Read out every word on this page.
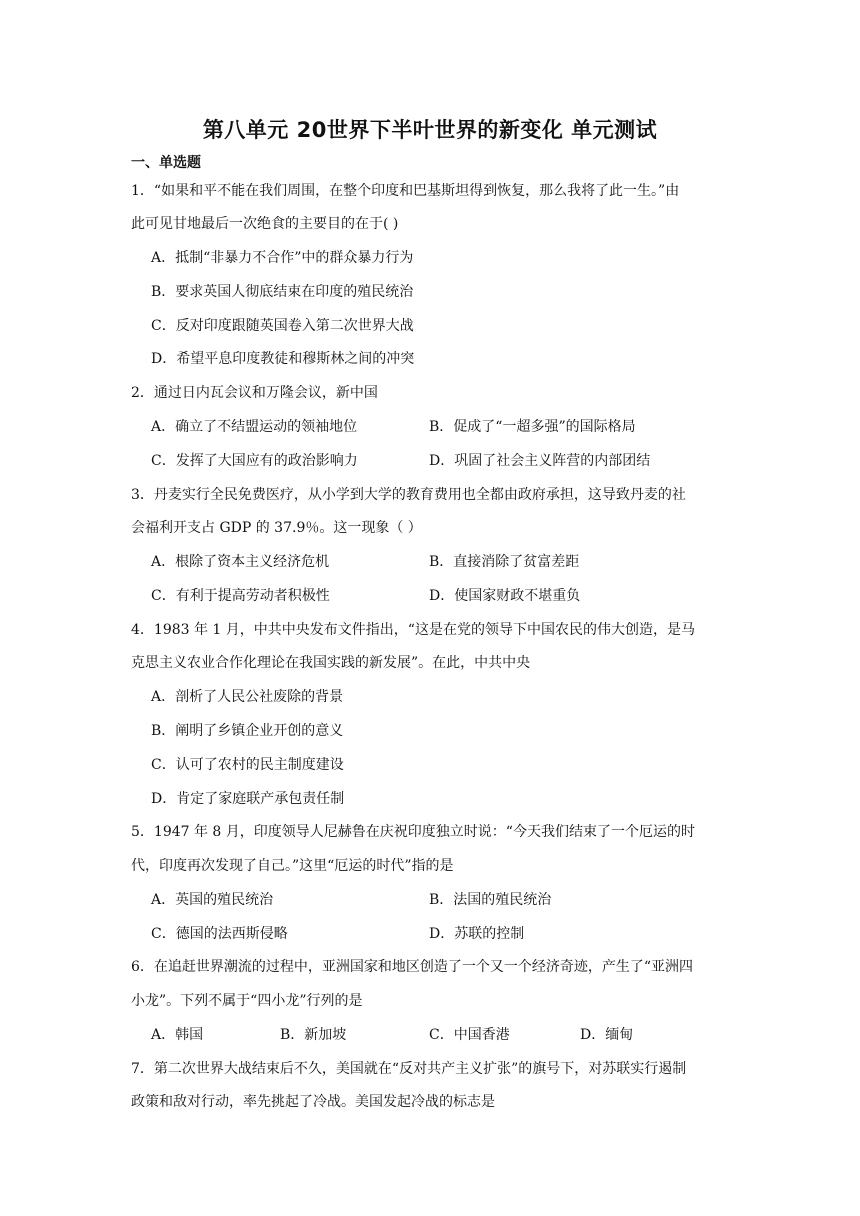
第八单元 20世界下半叶世界的新变化 单元测试
一、单选题
1．“如果和平不能在我们周围，在整个印度和巴基斯坦得到恢复，那么我将了此一生。”由
此可见甘地最后一次绝食的主要目的在于( )
A．抵制“非暴力不合作”中的群众暴力行为
B．要求英国人彻底结束在印度的殖民统治
C．反对印度跟随英国卷入第二次世界大战
D．希望平息印度教徒和穆斯林之间的冲突
2．通过日内瓦会议和万隆会议，新中国
A．确立了不结盟运动的领袖地位	B．促成了“一超多强”的国际格局
C．发挥了大国应有的政治影响力	D．巩固了社会主义阵营的内部团结
3．丹麦实行全民免费医疗，从小学到大学的教育费用也全都由政府承担，这导致丹麦的社
会福利开支占 GDP 的 37.9％。这一现象（ ）
A．根除了资本主义经济危机	B．直接消除了贫富差距
C．有利于提高劳动者积极性	D．使国家财政不堪重负
4．1983 年 1 月，中共中央发布文件指出，“这是在党的领导下中国农民的伟大创造，是马
克思主义农业合作化理论在我国实践的新发展”。在此，中共中央
A．剖析了人民公社废除的背景
B．阐明了乡镇企业开创的意义
C．认可了农村的民主制度建设
D．肯定了家庭联产承包责任制
5．1947 年 8 月，印度领导人尼赫鲁在庆祝印度独立时说：“今天我们结束了一个厄运的时
代，印度再次发现了自己。”这里“厄运的时代”指的是
A．英国的殖民统治	B．法国的殖民统治
C．德国的法西斯侵略	D．苏联的控制
6．在追赶世界潮流的过程中，亚洲国家和地区创造了一个又一个经济奇迹，产生了“亚洲四
小龙”。下列不属于“四小龙”行列的是
A．韩国	B．新加坡	C．中国香港	D．缅甸
7．第二次世界大战结束后不久，美国就在“反对共产主义扩张”的旗号下，对苏联实行遏制
政策和敌对行动，率先挑起了冷战。美国发起冷战的标志是
